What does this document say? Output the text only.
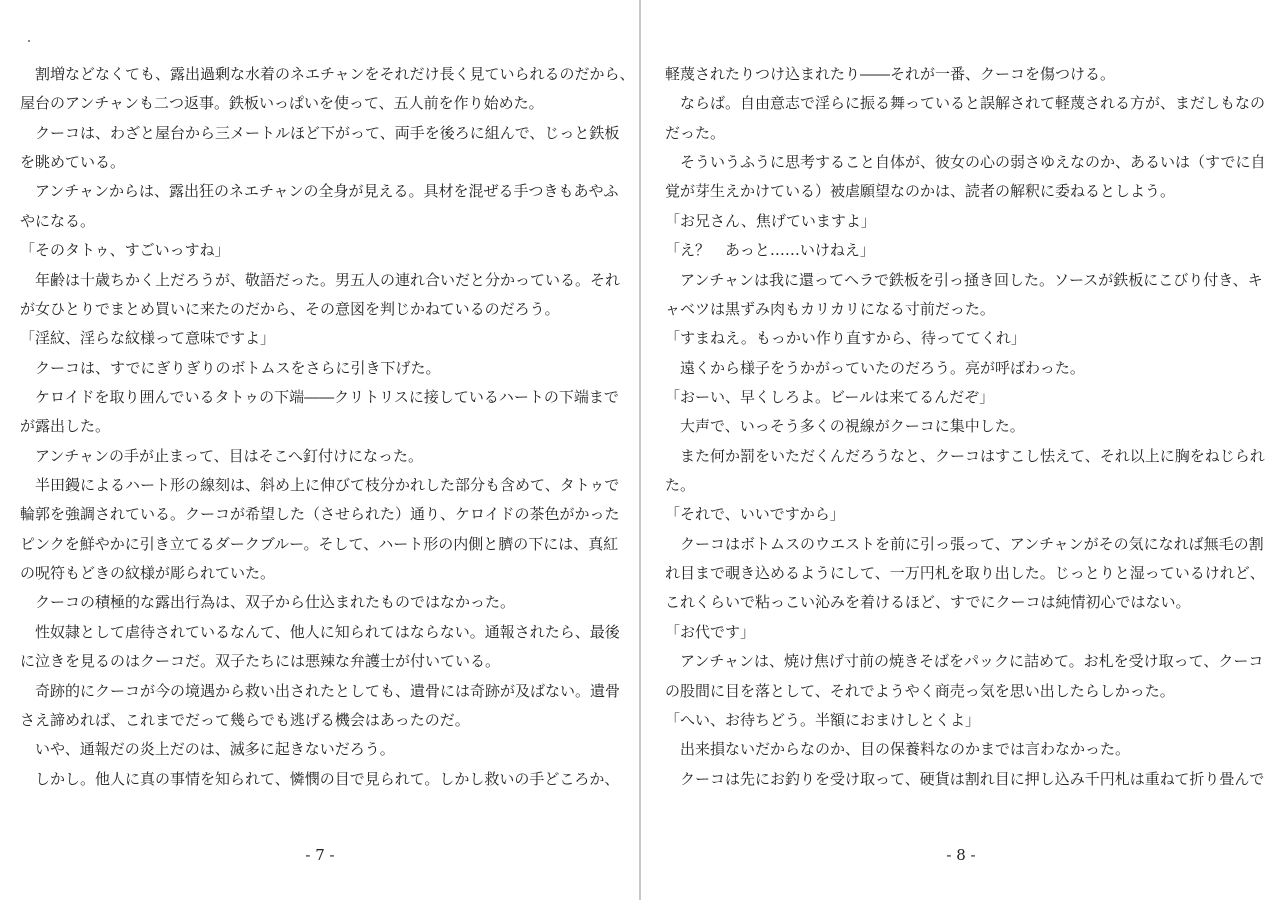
　割増などなくても、露出過剰な水着のネエチャンをそれだけ長く見ていられるのだから、
屋台のアンチャンも二つ返事。鉄板いっぱいを使って、五人前を作り始めた。
　クーコは、わざと屋台から三メートルほど下がって、両手を後ろに組んで、じっと鉄板
を眺めている。
　アンチャンからは、露出狂のネエチャンの全身が見える。具材を混ぜる手つきもあやふ
やになる。
「そのタトゥ、すごいっすね」
　年齢は十歳ちかく上だろうが、敬語だった。男五人の連れ合いだと分かっている。それ
が女ひとりでまとめ買いに来たのだから、その意図を判じかねているのだろう。
「淫紋、淫らな紋様って意味ですよ」
　クーコは、すでにぎりぎりのボトムスをさらに引き下げた。
　ケロイドを取り囲んでいるタトゥの下端――クリトリスに接しているハートの下端まで
が露出した。
　アンチャンの手が止まって、目はそこへ釘付けになった。
　半田鏝によるハート形の線刻は、斜め上に伸びて枝分かれした部分も含めて、タトゥで
輪郭を強調されている。クーコが希望した（させられた）通り、ケロイドの茶色がかった
ピンクを鮮やかに引き立てるダークブルー。そして、ハート形の内側と臍の下には、真紅
の呪符もどきの紋様が彫られていた。
　クーコの積極的な露出行為は、双子から仕込まれたものではなかった。
　性奴隷として虐待されているなんて、他人に知られてはならない。通報されたら、最後
に泣きを見るのはクーコだ。双子たちには悪辣な弁護士が付いている。
　奇跡的にクーコが今の境遇から救い出されたとしても、遺骨には奇跡が及ばない。遺骨
さえ諦めれば、これまでだって幾らでも逃げる機会はあったのだ。
　いや、通報だの炎上だのは、滅多に起きないだろう。
　しかし。他人に真の事情を知られて、憐憫の目で見られて。しかし救いの手どころか、
- 7 -
軽蔑されたりつけ込まれたり――それが一番、クーコを傷つける。
　ならば。自由意志で淫らに振る舞っていると誤解されて軽蔑される方が、まだしもなの
だった。
　そういうふうに思考すること自体が、彼女の心の弱さゆえなのか、あるいは（すでに自
覚が芽生えかけている）被虐願望なのかは、読者の解釈に委ねるとしよう。
「お兄さん、焦げていますよ」
「え？　あっと……いけねえ」
　アンチャンは我に還ってヘラで鉄板を引っ掻き回した。ソースが鉄板にこびり付き、キ
ャベツは黒ずみ肉もカリカリになる寸前だった。
「すまねえ。もっかい作り直すから、待っててくれ」
　遠くから様子をうかがっていたのだろう。亮が呼ばわった。
「おーい、早くしろよ。ビールは来てるんだぞ」
　大声で、いっそう多くの視線がクーコに集中した。
　また何か罰をいただくんだろうなと、クーコはすこし怯えて、それ以上に胸をねじられ
た。
「それで、いいですから」
　クーコはボトムスのウエストを前に引っ張って、アンチャンがその気になれば無毛の割
れ目まで覗き込めるようにして、一万円札を取り出した。じっとりと湿っているけれど、
これくらいで粘っこい沁みを着けるほど、すでにクーコは純情初心ではない。
「お代です」
　アンチャンは、焼け焦げ寸前の焼きそばをパックに詰めて。お札を受け取って、クーコ
の股間に目を落として、それでようやく商売っ気を思い出したらしかった。
「へい、お待ちどう。半額におまけしとくよ」
　出来損ないだからなのか、目の保養料なのかまでは言わなかった。
　クーコは先にお釣りを受け取って、硬貨は割れ目に押し込み千円札は重ねて折り畳んで
- 8 -
